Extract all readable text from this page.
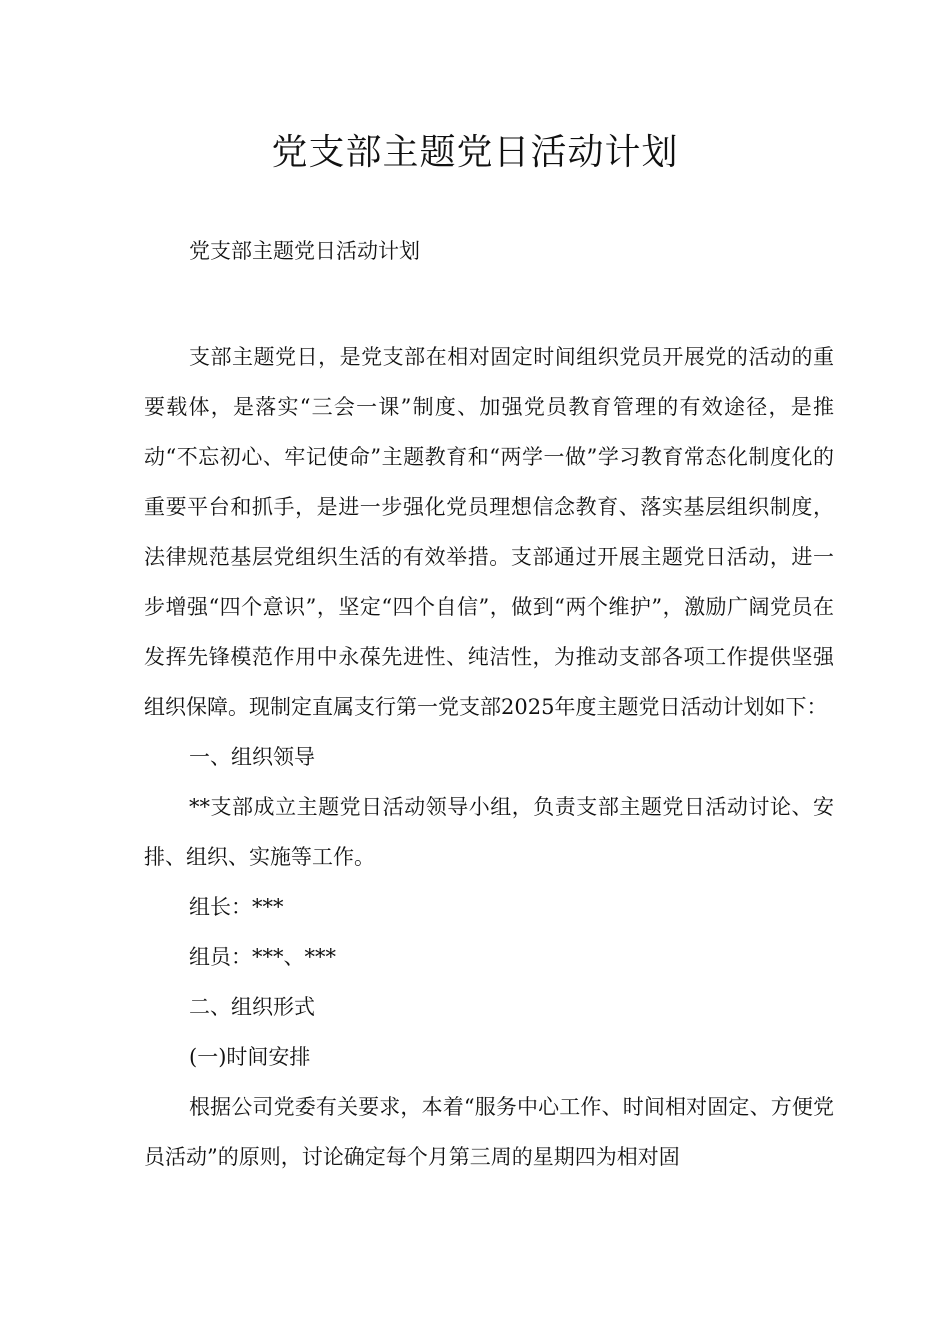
党支部主题党日活动计划

党支部主题党日活动计划

支部主题党日，是党支部在相对固定时间组织党员开展党的活动的重要载体，是落实“三会一课”制度、加强党员教育管理的有效途径，是推动“不忘初心、牢记使命”主题教育和“两学一做”学习教育常态化制度化的重要平台和抓手，是进一步强化党员理想信念教育、落实基层组织制度，法律规范基层党组织生活的有效举措。支部通过开展主题党日活动，进一步增强“四个意识”，坚定“四个自信”，做到“两个维护”，激励广阔党员在发挥先锋模范作用中永葆先进性、纯洁性，为推动支部各项工作提供坚强组织保障。现制定直属支行第一党支部2025年度主题党日活动计划如下：

一、组织领导

**支部成立主题党日活动领导小组，负责支部主题党日活动讨论、安排、组织、实施等工作。

组长：***

组员：***、***

二、组织形式

(一)时间安排

根据公司党委有关要求，本着“服务中心工作、时间相对固定、方便党员活动”的原则，讨论确定每个月第三周的星期四为相对固
